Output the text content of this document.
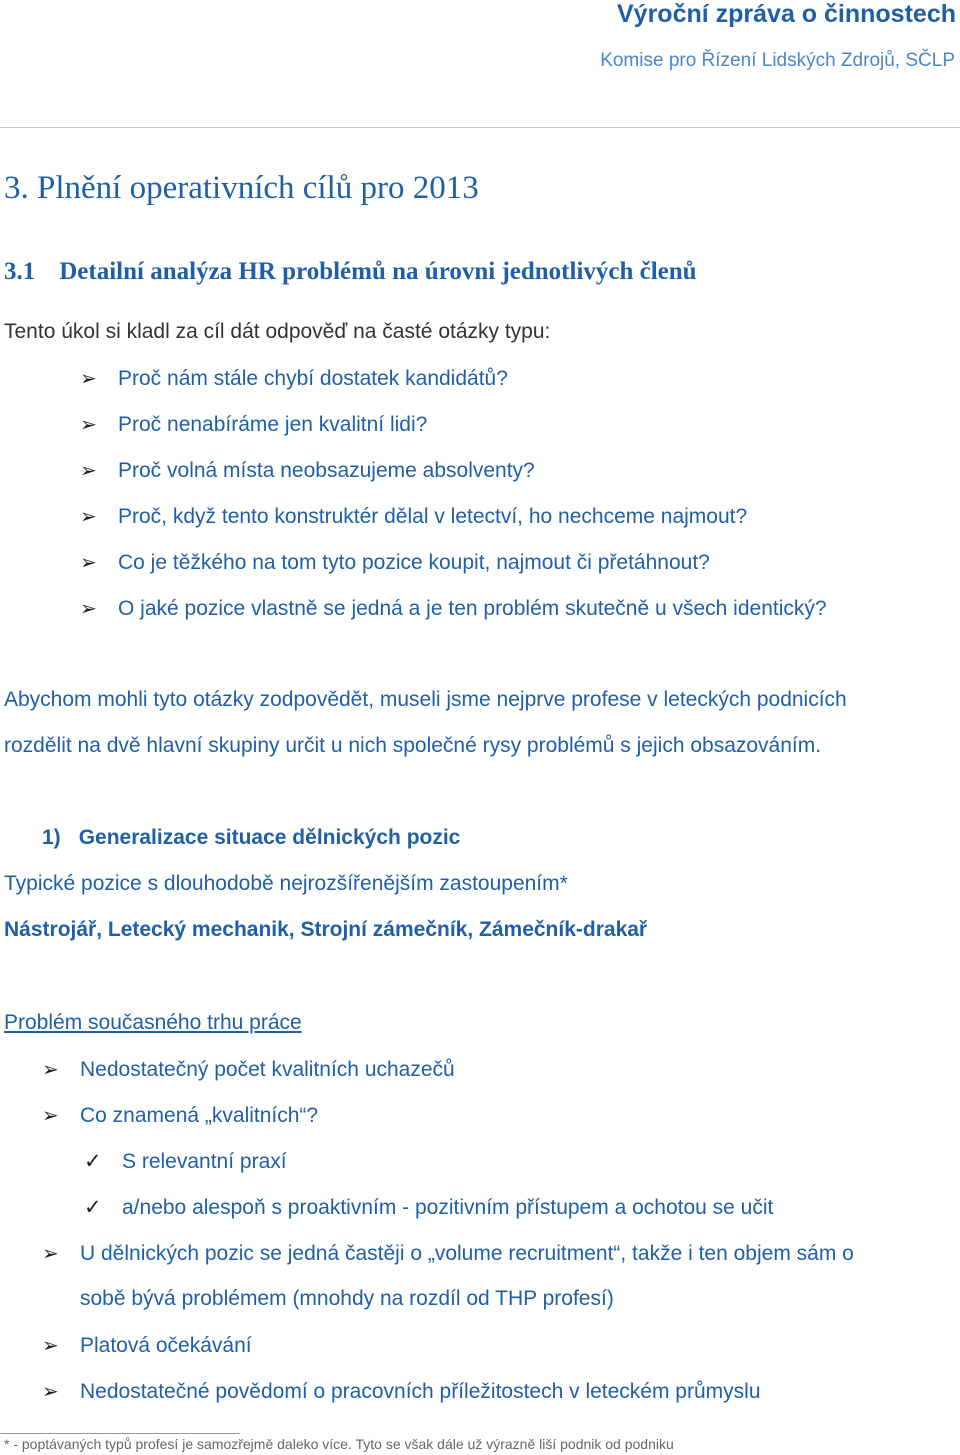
Výroční zpráva o činnostech
Komise pro Řízení Lidských Zdrojů, SČLP
3. Plnění operativních cílů pro 2013
3.1 Detailní analýza HR problémů na úrovni jednotlivých členů
Tento úkol si kladl za cíl dát odpověď na časté otázky typu:
➢ Proč nám stále chybí dostatek kandidátů?
➢ Proč nenabíráme jen kvalitní lidi?
➢ Proč volná místa neobsazujeme absolventy?
➢ Proč, když tento konstruktér dělal v letectví, ho nechceme najmout?
➢ Co je těžkého na tom tyto pozice koupit, najmout či přetáhnout?
➢ O jaké pozice vlastně se jedná a je ten problém skutečně u všech identický?
Abychom mohli tyto otázky zodpovědět, museli jsme nejprve profese v leteckých podnicích
rozdělit na dvě hlavní skupiny určit u nich společné rysy problémů s jejich obsazováním.
1) Generalizace situace dělnických pozic
Typické pozice s dlouhodobě nejrozšířenějším zastoupením*
Nástrojář, Letecký mechanik, Strojní zámečník, Zámečník-drakař
Problém současného trhu práce
➢ Nedostatečný počet kvalitních uchazečů
➢ Co znamená „kvalitních“?
✓ S relevantní praxí
✓ a/nebo alespoň s proaktivním - pozitivním přístupem a ochotou se učit
➢ U dělnických pozic se jedná častěji o „volume recruitment“, takže i ten objem sám o
sobě bývá problémem (mnohdy na rozdíl od THP profesí)
➢ Platová očekávání
➢ Nedostatečné povědomí o pracovních příležitostech v leteckém průmyslu
* - poptávaných typů profesí je samozřejmě daleko více. Tyto se však dále už výrazně liší podnik od podniku
